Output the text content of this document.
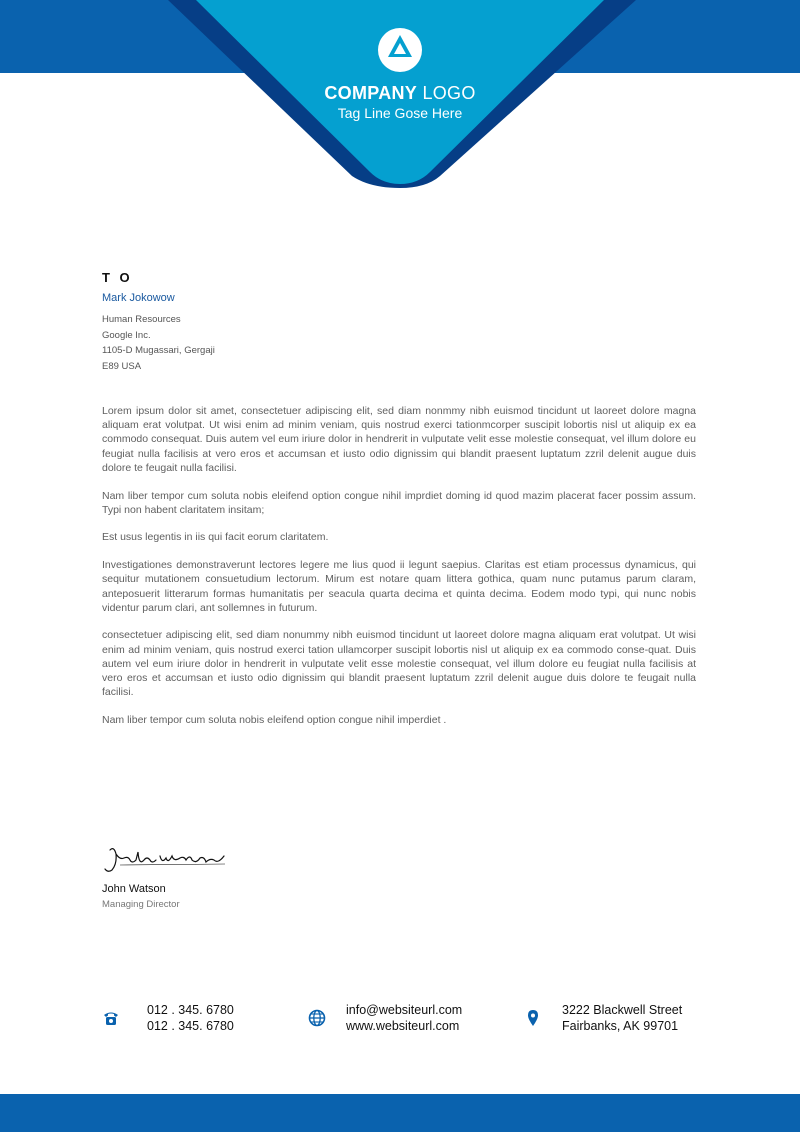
COMPANY LOGO
Tag Line Gose Here
T O
Mark Jokowow
Human Resources
Google Inc.
1105-D Mugassari, Gergaji
E89 USA

Lorem ipsum dolor sit amet, consectetuer adipiscing elit, sed diam nonmmy nibh euismod tincidunt ut laoreet dolore magna aliquam erat volutpat. Ut wisi enim ad minim veniam, quis nostrud exerci tationmcorper suscipit lobortis nisl ut aliquip ex ea commodo consequat. Duis autem vel eum iriure dolor in hendrerit in vulputate velit esse molestie consequat, vel illum dolore eu feugiat nulla facilisis at vero eros et accumsan et iusto odio dignissim qui blandit praesent luptatum zzril delenit augue duis dolore te feugait nulla facilisi.

Nam liber tempor cum soluta nobis eleifend option congue nihil imprdiet doming id quod mazim placerat facer possim assum. Typi non habent claritatem insitam;

Est usus legentis in iis qui facit eorum claritatem.

Investigationes demonstraverunt lectores legere me lius quod ii legunt saepius. Claritas est etiam processus dynamicus, qui sequitur mutationem consuetudium lectorum. Mirum est notare quam littera gothica, quam nunc putamus parum claram, anteposuerit litterarum formas humanitatis per seacula quarta decima et quinta decima. Eodem modo typi, qui nunc nobis videntur parum clari, ant sollemnes in futurum.

consectetuer adipiscing elit, sed diam nonummy nibh euismod tincidunt ut laoreet dolore magna aliquam erat volutpat. Ut wisi enim ad minim veniam, quis nostrud exerci tation ullamcorper suscipit lobortis nisl ut aliquip ex ea commodo conse-quat. Duis autem vel eum iriure dolor in hendrerit in vulputate velit esse molestie consequat, vel illum dolore eu feugiat nulla facilisis at vero eros et accumsan et iusto odio dignissim qui blandit praesent luptatum zzril delenit augue duis dolore te feugait nulla facilisi.

Nam liber tempor cum soluta nobis eleifend option congue nihil imperdiet .

John Watson
Managing Director
012 . 345. 6780
012 . 345. 6780
info@websiteurl.com
www.websiteurl.com
3222 Blackwell Street
Fairbanks, AK 99701
